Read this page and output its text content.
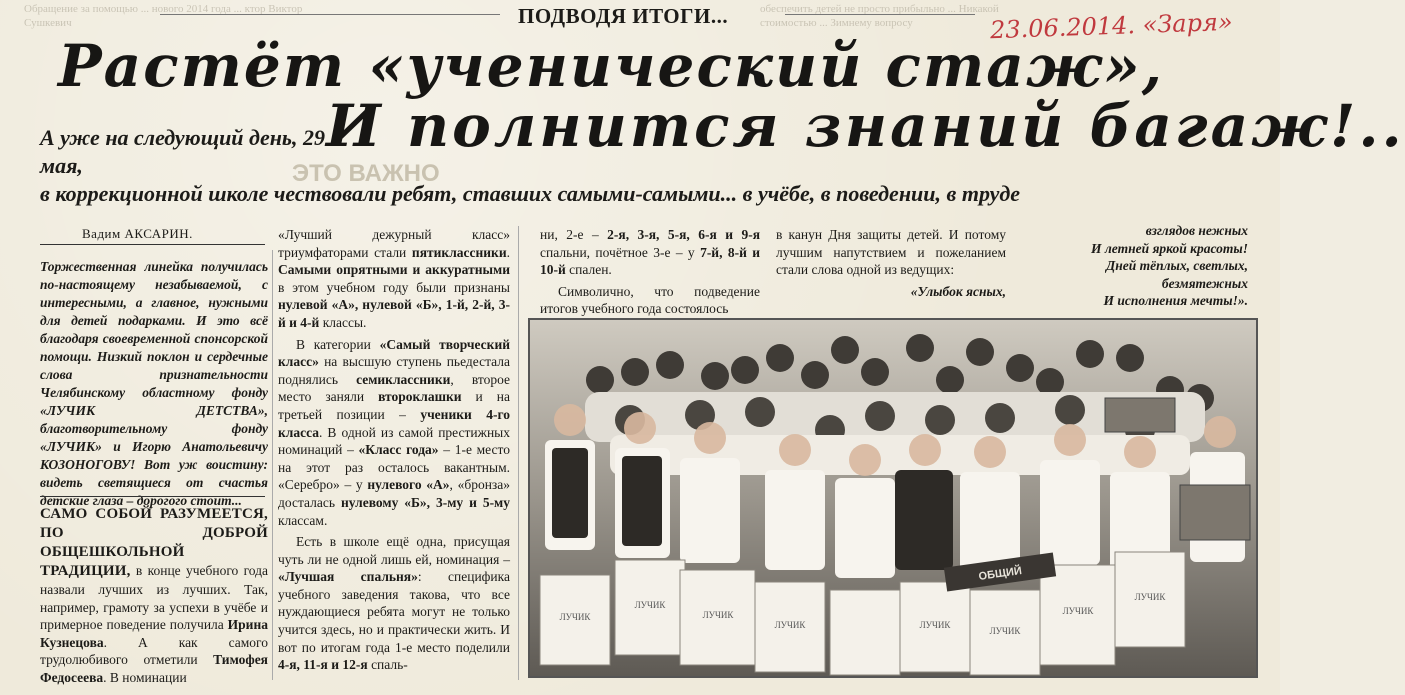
Обращение за помощью ... нового 2014 года ... ктор Виктор Сушкевич
ЭТО ВАЖНО
обеспечить детей не просто прибыльно ... Никакой стоимостью ... Зимнему вопросу
ПОДВОДЯ ИТОГИ...	23.06.2014. «Заря»
Растёт «ученический стаж»,
И полнится знаний багаж!..
А уже на следующий день, 29 мая,
в коррекционной школе чествовали ребят, ставших самыми-самыми... в учёбе, в поведении, в труде
Вадим АКСАРИН.
Торжественная линейка получилась по-настоящему незабываемой, с интересными, а главное, нужными для детей подарками. И это всё благодаря своевременной спонсорской помощи. Низкий поклон и сердечные слова признательности Челябинскому областному фонду «ЛУЧИК ДЕТСТВА», благотворительному фонду «ЛУЧИК» и Игорю Анатольевичу КОЗОНОГОВУ! Вот уж воистину: видеть светящиеся от счастья детские глаза – дорогого стоит...
САМО СОБОЙ РАЗУМЕЕТСЯ, ПО ДОБРОЙ ОБЩЕШКОЛЬНОЙ ТРАДИЦИИ, в конце учебного года назвали лучших из лучших. Так, например, грамоту за успехи в учёбе и примерное поведение получила Ирина Кузнецова. А как самого трудолюбивого отметили Тимофея Федосеева. В номинации

«Лучший дежурный класс» триумфаторами стали пятиклассники. Самыми опрятными и аккуратными в этом учебном году были признаны нулевой «А», нулевой «Б», 1-й, 2-й, 3-й и 4-й классы.

В категории «Самый творческий класс» на высшую ступень пьедестала поднялись семиклассники, второе место заняли второклашки и на третьей позиции – ученики 4-го класса. В одной из самой престижных номинаций – «Класс года» – 1-е место на этот раз осталось вакантным. «Серебро» – у нулевого «А», «бронза» досталась нулевому «Б», 3-му и 5-му классам.

Есть в школе ещё одна, присущая чуть ли не одной лишь ей, номинация – «Лучшая спальня»: специфика учебного заведения такова, что все нуждающиеся ребята могут не только учится здесь, но и практически жить. И вот по итогам года 1-е место поделили 4-я, 11-я и 12-я спаль-

ни, 2-е – 2-я, 3-я, 5-я, 6-я и 9-я спальни, почётное 3-е – у 7-й, 8-й и 10-й спален.

Символично, что подведение итогов учебного года состоялось

в канун Дня защиты детей. И потому лучшим напутствием и пожеланием стали слова одной из ведущих:

«Улыбок ясных,

взглядов нежных
И летней яркой красоты!
Дней тёплых, светлых,
безмятежных
И исполнения мечты!».
ЛУЧИК
ЛУЧИК
ЛУЧИК
ЛУЧИК	ЛУЧИК
ЛУЧИК
ЛУЧИК
ЛУЧИК
ОБЩИЙ
